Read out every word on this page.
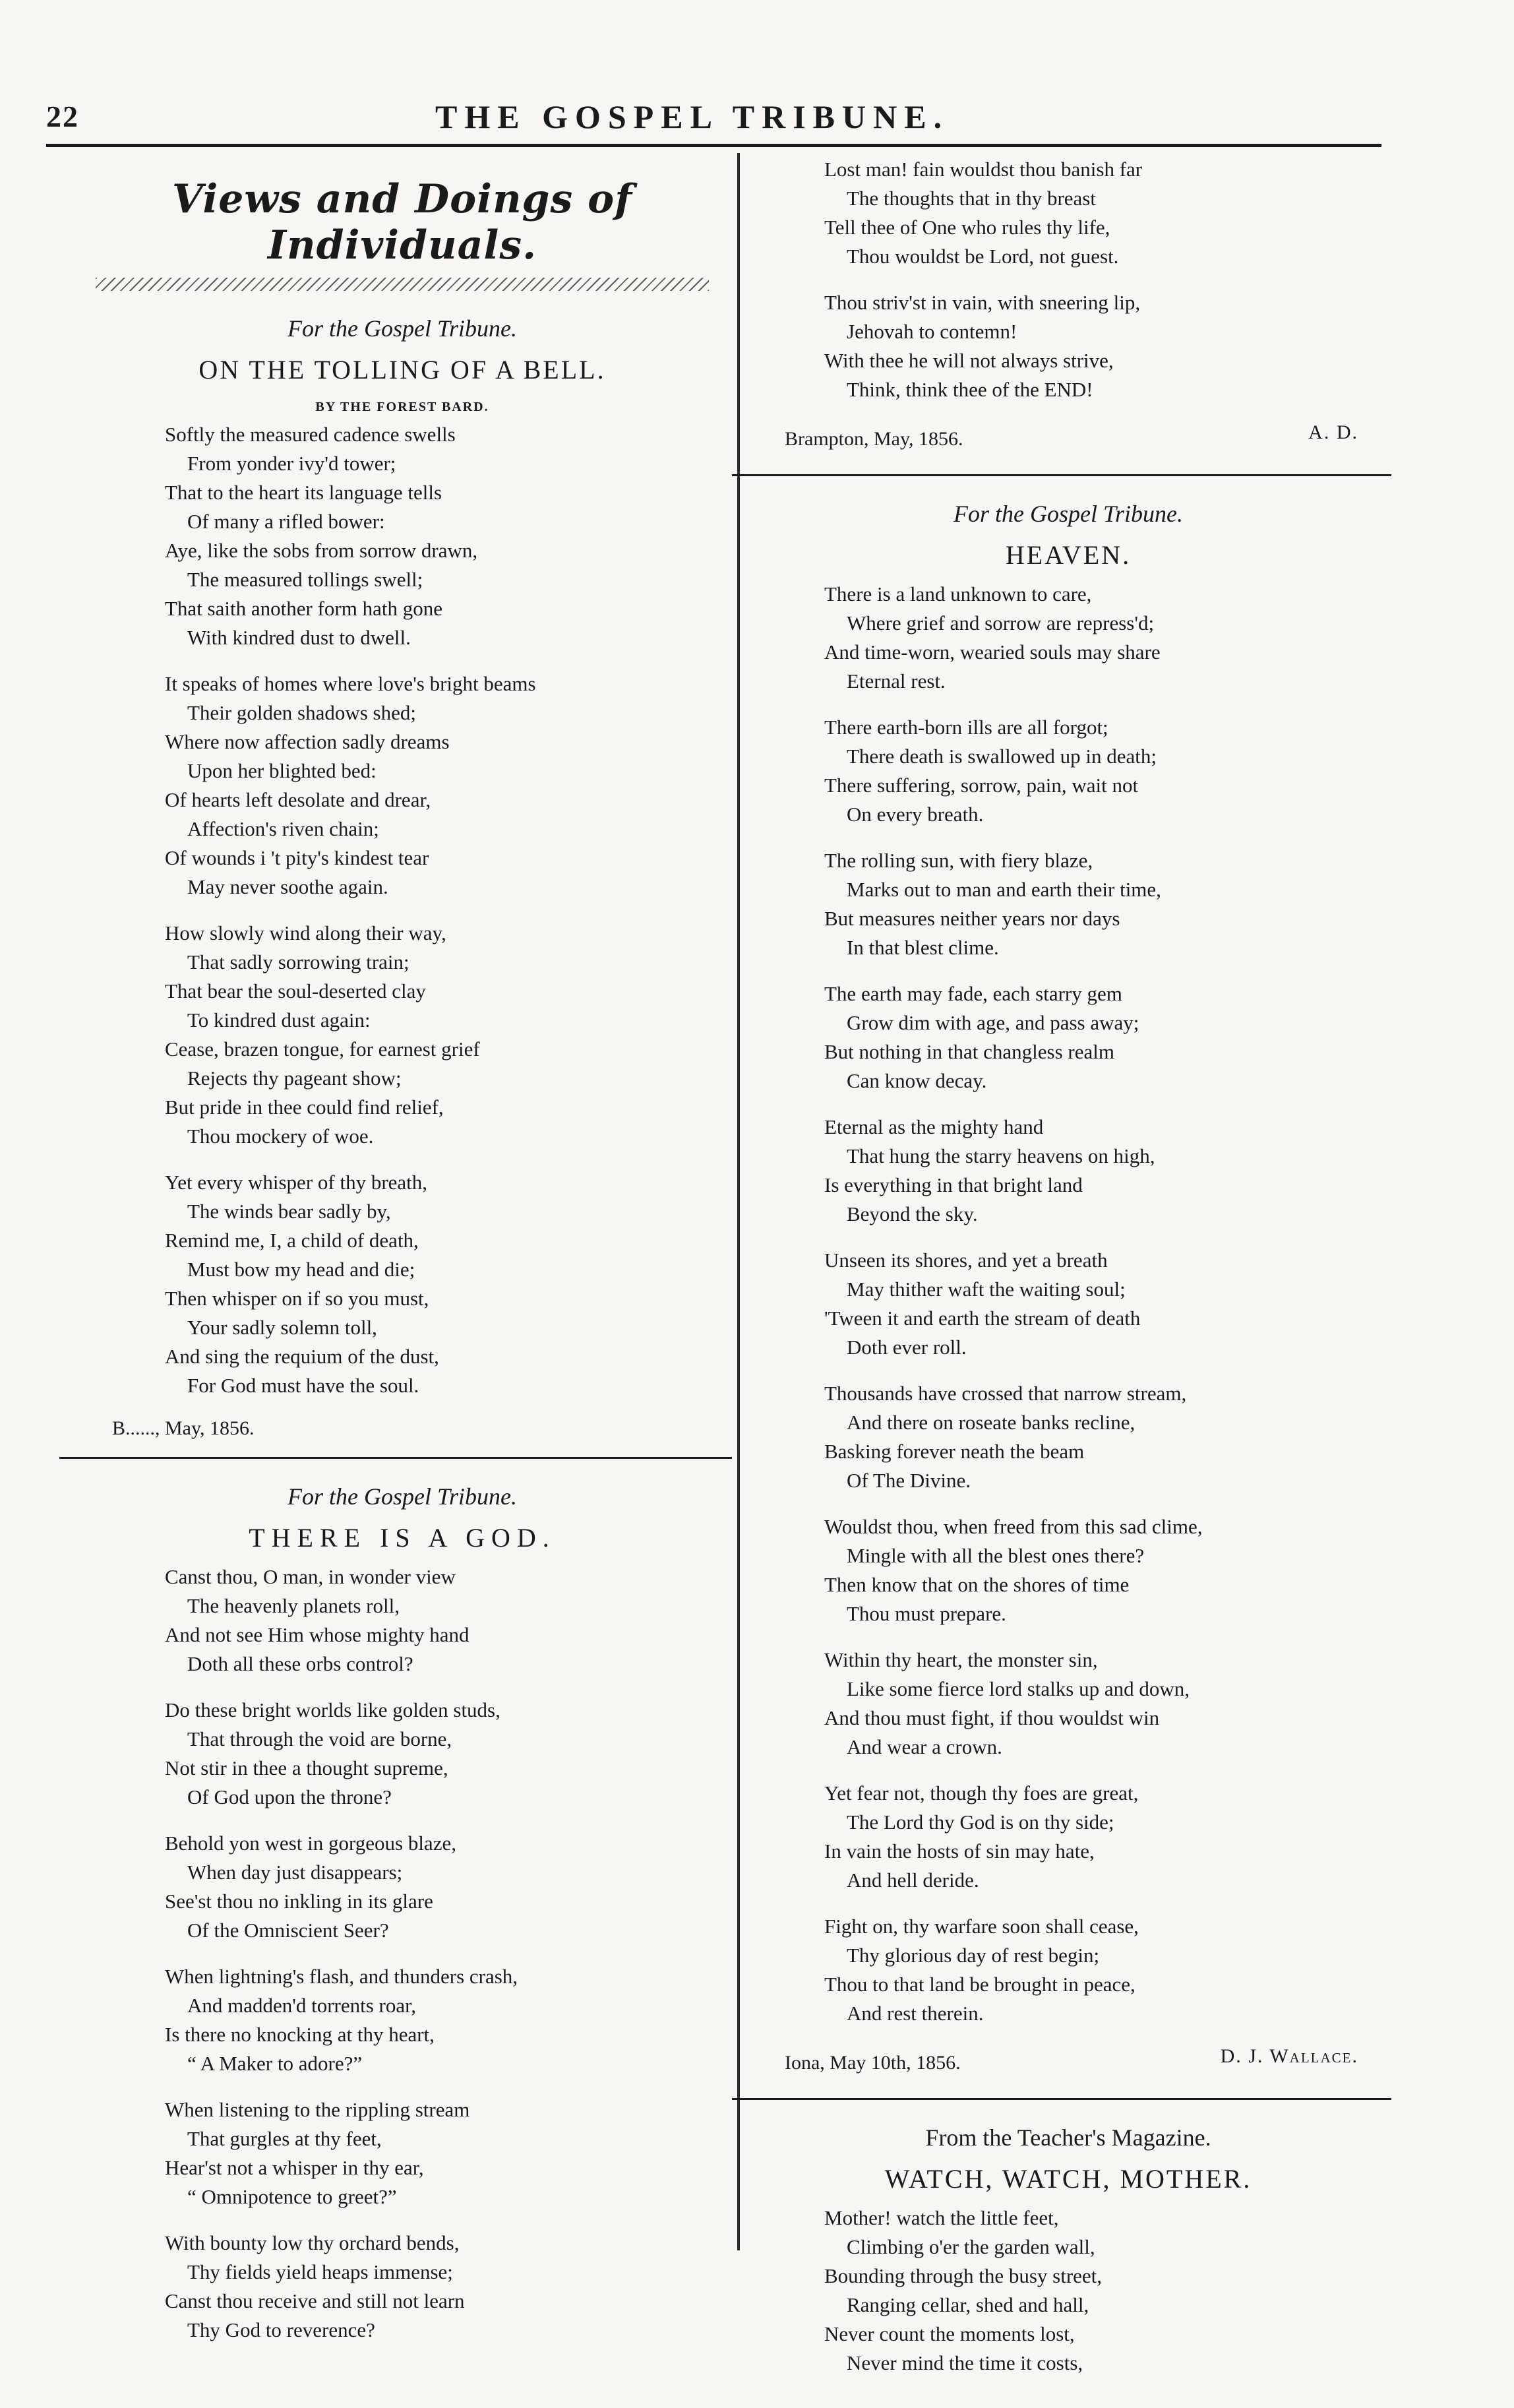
22	THE GOSPEL TRIBUNE.
Views and Doings of Individuals.
For the Gospel Tribune.
ON THE TOLLING OF A BELL.
BY THE FOREST BARD.
Softly the measured cadence swells
From yonder ivy'd tower;
That to the heart its language tells
Of many a rifled bower:
Aye, like the sobs from sorrow drawn,
The measured tollings swell;
That saith another form hath gone
With kindred dust to dwell.
It speaks of homes where love's bright beams
Their golden shadows shed;
Where now affection sadly dreams
Upon her blighted bed:
Of hearts left desolate and drear,
Affection's riven chain;
Of wounds i 't pity's kindest tear
May never soothe again.
How slowly wind along their way,
That sadly sorrowing train;
That bear the soul-deserted clay
To kindred dust again:
Cease, brazen tongue, for earnest grief
Rejects thy pageant show;
But pride in thee could find relief,
Thou mockery of woe.
Yet every whisper of thy breath,
The winds bear sadly by,
Remind me, I, a child of death,
Must bow my head and die;
Then whisper on if so you must,
Your sadly solemn toll,
And sing the requium of the dust,
For God must have the soul.
B......, May, 1856.
For the Gospel Tribune.
THERE IS A GOD.
Canst thou, O man, in wonder view
The heavenly planets roll,
And not see Him whose mighty hand
Doth all these orbs control?
Do these bright worlds like golden studs,
That through the void are borne,
Not stir in thee a thought supreme,
Of God upon the throne?
Behold yon west in gorgeous blaze,
When day just disappears;
See'st thou no inkling in its glare
Of the Omniscient Seer?
When lightning's flash, and thunders crash,
And madden'd torrents roar,
Is there no knocking at thy heart,
“ A Maker to adore?”
When listening to the rippling stream
That gurgles at thy feet,
Hear'st not a whisper in thy ear,
“ Omnipotence to greet?”
With bounty low thy orchard bends,
Thy fields yield heaps immense;
Canst thou receive and still not learn
Thy God to reverence?
Lost man! fain wouldst thou banish far
The thoughts that in thy breast
Tell thee of One who rules thy life,
Thou wouldst be Lord, not guest.
Thou striv'st in vain, with sneering lip,
Jehovah to contemn!
With thee he will not always strive,
Think, think thee of the END!
A. D.
Brampton, May, 1856.
For the Gospel Tribune.
HEAVEN.
There is a land unknown to care,
Where grief and sorrow are repress'd;
And time-worn, wearied souls may share
Eternal rest.
There earth-born ills are all forgot;
There death is swallowed up in death;
There suffering, sorrow, pain, wait not
On every breath.
The rolling sun, with fiery blaze,
Marks out to man and earth their time,
But measures neither years nor days
In that blest clime.
The earth may fade, each starry gem
Grow dim with age, and pass away;
But nothing in that changless realm
Can know decay.
Eternal as the mighty hand
That hung the starry heavens on high,
Is everything in that bright land
Beyond the sky.
Unseen its shores, and yet a breath
May thither waft the waiting soul;
'Tween it and earth the stream of death
Doth ever roll.
Thousands have crossed that narrow stream,
And there on roseate banks recline,
Basking forever neath the beam
Of The Divine.
Wouldst thou, when freed from this sad clime,
Mingle with all the blest ones there?
Then know that on the shores of time
Thou must prepare.
Within thy heart, the monster sin,
Like some fierce lord stalks up and down,
And thou must fight, if thou wouldst win
And wear a crown.
Yet fear not, though thy foes are great,
The Lord thy God is on thy side;
In vain the hosts of sin may hate,
And hell deride.
Fight on, thy warfare soon shall cease,
Thy glorious day of rest begin;
Thou to that land be brought in peace,
And rest therein.
D. J. Wallace.
Iona, May 10th, 1856.
From the Teacher's Magazine.
WATCH, WATCH, MOTHER.
Mother! watch the little feet,
Climbing o'er the garden wall,
Bounding through the busy street,
Ranging cellar, shed and hall,
Never count the moments lost,
Never mind the time it costs,
